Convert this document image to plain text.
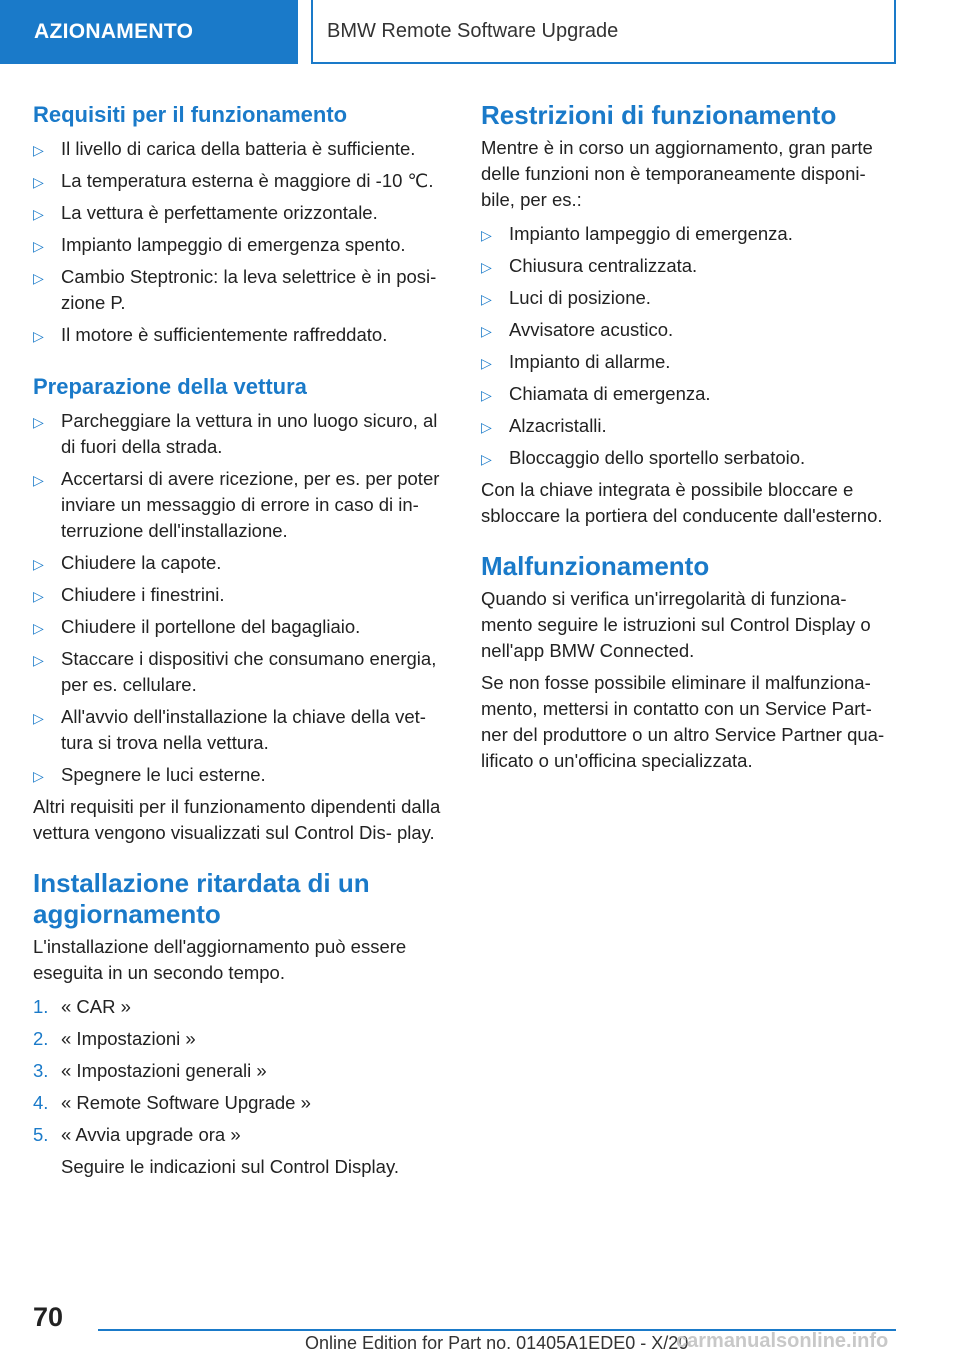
AZIONAMENTO	BMW Remote Software Upgrade
Requisiti per il funzionamento
▷ Il livello di carica della batteria è sufficiente.
▷ La temperatura esterna è maggiore di -10 ℃.
▷ La vettura è perfettamente orizzontale.
▷ Impianto lampeggio di emergenza spento.
▷ Cambio Steptronic: la leva selettrice è in posi‐ zione P.
▷ Il motore è sufficientemente raffreddato.
Preparazione della vettura
▷ Parcheggiare la vettura in uno luogo sicuro, al di fuori della strada.
▷ Accertarsi di avere ricezione, per es. per poter inviare un messaggio di errore in caso di in‐ terruzione dell'installazione.
▷ Chiudere la capote.
▷ Chiudere i finestrini.
▷ Chiudere il portellone del bagagliaio.
▷ Staccare i dispositivi che consumano energia, per es. cellulare.
▷ All'avvio dell'installazione la chiave della vet‐ tura si trova nella vettura.
▷ Spegnere le luci esterne.

Altri requisiti per il funzionamento dipendenti dalla vettura vengono visualizzati sul Control Dis‐ play.

Installazione ritardata di un aggiornamento

L'installazione dell'aggiornamento può essere eseguita in un secondo tempo.

1. « CAR »
2. « Impostazioni »
3. « Impostazioni generali »
4. « Remote Software Upgrade »
5. « Avvia upgrade ora »

Seguire le indicazioni sul Control Display.

Restrizioni di funzionamento

Mentre è in corso un aggiornamento, gran parte delle funzioni non è temporaneamente disponi‐ bile, per es.:

▷ Impianto lampeggio di emergenza.
▷ Chiusura centralizzata.
▷ Luci di posizione.
▷ Avvisatore acustico.
▷ Impianto di allarme.
▷ Chiamata di emergenza.
▷ Alzacristalli.
▷ Bloccaggio dello sportello serbatoio.

Con la chiave integrata è possibile bloccare e sbloccare la portiera del conducente dall'esterno.

Malfunzionamento

Quando si verifica un'irregolarità di funziona‐ mento seguire le istruzioni sul Control Display o nell'app BMW Connected.

Se non fosse possibile eliminare il malfunziona‐ mento, mettersi in contatto con un Service Part‐ ner del produttore o un altro Service Partner qua‐ lificato o un'officina specializzata.

70
Online Edition for Part no. 01405A1EDE0 - X/20
carmanualsonline.info
